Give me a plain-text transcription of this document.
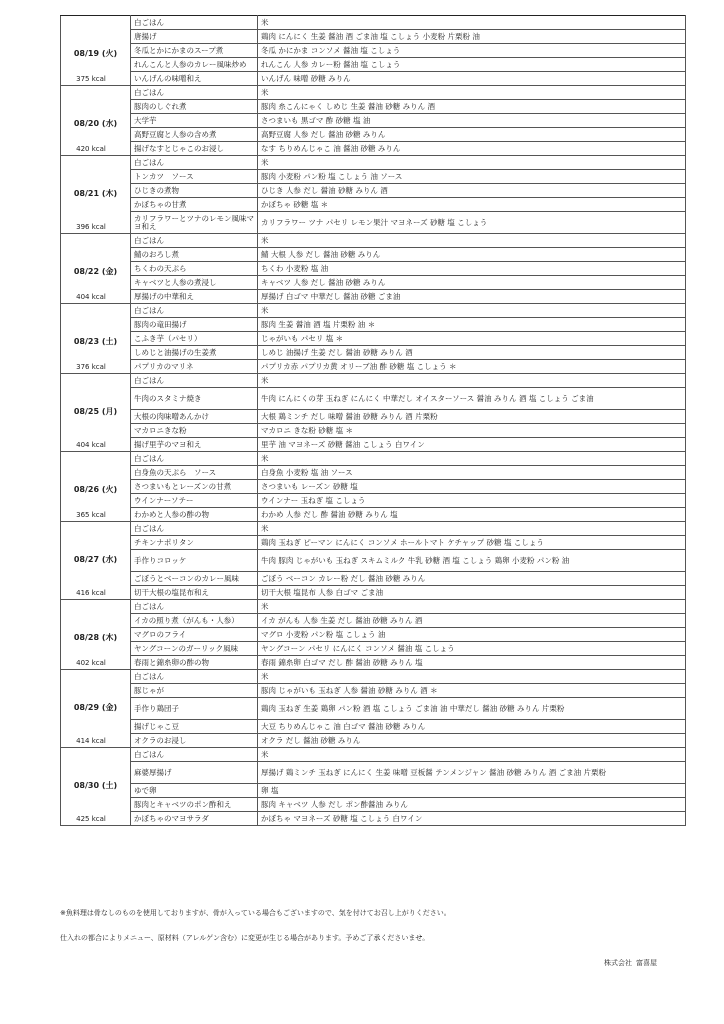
08/19 (火)
375 kcal	白ごはん	米
	唐揚げ	鶏肉 にんにく 生姜 醤油 酒 ごま油 塩 こしょう 小麦粉 片栗粉 油
	冬瓜とかにかまのスープ煮	冬瓜 かにかま コンソメ 醤油 塩 こしょう
	れんこんと人参のカレー風味炒め	れんこん 人参 カレー粉 醤油 塩 こしょう
	いんげんの味噌和え	いんげん 味噌 砂糖 みりん

08/20 (水)
420 kcal	白ごはん	米
	豚肉のしぐれ煮	豚肉 糸こんにゃく しめじ 生姜 醤油 砂糖 みりん 酒
	大学芋	さつまいも 黒ゴマ 酢 砂糖 塩 油
	高野豆腐と人参の含め煮	高野豆腐 人参 だし 醤油 砂糖 みりん
	揚げなすとじゃこのお浸し	なす ちりめんじゃこ 油 醤油 砂糖 みりん

08/21 (木)
396 kcal	白ごはん	米
	トンカツ　ソース	豚肉 小麦粉 パン粉 塩 こしょう 油 ソース
	ひじきの煮物	ひじき 人参 だし 醤油 砂糖 みりん 酒
	かぼちゃの甘煮	かぼちゃ 砂糖 塩 ＊
	カリフラワーとツナのレモン風味マヨ和え	カリフラワー ツナ パセリ レモン果汁 マヨネーズ 砂糖 塩 こしょう

08/22 (金)
404 kcal	白ごはん	米
	鯖のおろし煮	鯖 大根 人参 だし 醤油 砂糖 みりん
	ちくわの天ぷら	ちくわ 小麦粉 塩 油
	キャベツと人参の煮浸し	キャベツ 人参 だし 醤油 砂糖 みりん
	厚揚げの中華和え	厚揚げ 白ゴマ 中華だし 醤油 砂糖 ごま油

08/23 (土)
376 kcal	白ごはん	米
	豚肉の竜田揚げ	豚肉 生姜 醤油 酒 塩 片栗粉 油 ＊
	こふき芋（パセリ）	じゃがいも パセリ 塩 ＊
	しめじと油揚げの生姜煮	しめじ 油揚げ 生姜 だし 醤油 砂糖 みりん 酒
	パプリカのマリネ	パプリカ赤 パプリカ黄 オリーブ油 酢 砂糖 塩 こしょう ＊

08/25 (月)
404 kcal	白ごはん	米
	牛肉のスタミナ焼き	牛肉 にんにくの芽 玉ねぎ にんにく 中華だし オイスターソース 醤油 みりん 酒 塩 こしょう ごま油
	大根の肉味噌あんかけ	大根 鶏ミンチ だし 味噌 醤油 砂糖 みりん 酒 片栗粉
	マカロニきな粉	マカロニ きな粉 砂糖 塩 ＊
	揚げ里芋のマヨ和え	里芋 油 マヨネーズ 砂糖 醤油 こしょう 白ワイン

08/26 (火)
365 kcal	白ごはん	米
	白身魚の天ぷら　ソース	白身魚 小麦粉 塩 油 ソース
	さつまいもとレーズンの甘煮	さつまいも レーズン 砂糖 塩
	ウインナーソテー	ウインナー 玉ねぎ 塩 こしょう
	わかめと人参の酢の物	わかめ 人参 だし 酢 醤油 砂糖 みりん 塩

08/27 (水)
416 kcal	白ごはん	米
	チキンナポリタン	鶏肉 玉ねぎ ピーマン にんにく コンソメ ホールトマト ケチャップ 砂糖 塩 こしょう
	手作りコロッケ	牛肉 豚肉 じゃがいも 玉ねぎ スキムミルク 牛乳 砂糖 酒 塩 こしょう 鶏卵 小麦粉 パン粉 油
	ごぼうとベーコンのカレー風味	ごぼう ベーコン カレー粉 だし 醤油 砂糖 みりん
	切干大根の塩昆布和え	切干大根 塩昆布 人参 白ゴマ ごま油

08/28 (木)
402 kcal	白ごはん	米
	イカの照り煮（がんも・人参）	イカ がんも 人参 生姜 だし 醤油 砂糖 みりん 酒
	マグロのフライ	マグロ 小麦粉 パン粉 塩 こしょう 油
	ヤングコーンのガーリック風味	ヤングコーン パセリ にんにく コンソメ 醤油 塩 こしょう
	春雨と錦糸卵の酢の物	春雨 錦糸卵 白ゴマ だし 酢 醤油 砂糖 みりん 塩

08/29 (金)
414 kcal	白ごはん	米
	豚じゃが	豚肉 じゃがいも 玉ねぎ 人参 醤油 砂糖 みりん 酒 ＊
	手作り鶏団子	鶏肉 玉ねぎ 生姜 鶏卵 パン粉 酒 塩 こしょう ごま油 油 中華だし 醤油 砂糖 みりん 片栗粉
	揚げじゃこ豆	大豆 ちりめんじゃこ 油 白ゴマ 醤油 砂糖 みりん
	オクラのお浸し	オクラ だし 醤油 砂糖 みりん

08/30 (土)
425 kcal	白ごはん	米
	麻婆厚揚げ	厚揚げ 鶏ミンチ 玉ねぎ にんにく 生姜 味噌 豆板醤 テンメンジャン 醤油 砂糖 みりん 酒 ごま油 片栗粉
	ゆで卵	卵 塩
	豚肉とキャベツのポン酢和え	豚肉 キャベツ 人参 だし ポン酢醤油 みりん
	かぼちゃのマヨサラダ	かぼちゃ マヨネーズ 砂糖 塩 こしょう 白ワイン
※魚料理は骨なしのものを使用しておりますが、骨が入っている場合もございますので、気を付けてお召し上がりください。
仕入れの都合によりメニュー、原材料（アレルゲン含む）に変更が生じる場合があります。予めご了承くださいませ。
株式会社 富喜屋
